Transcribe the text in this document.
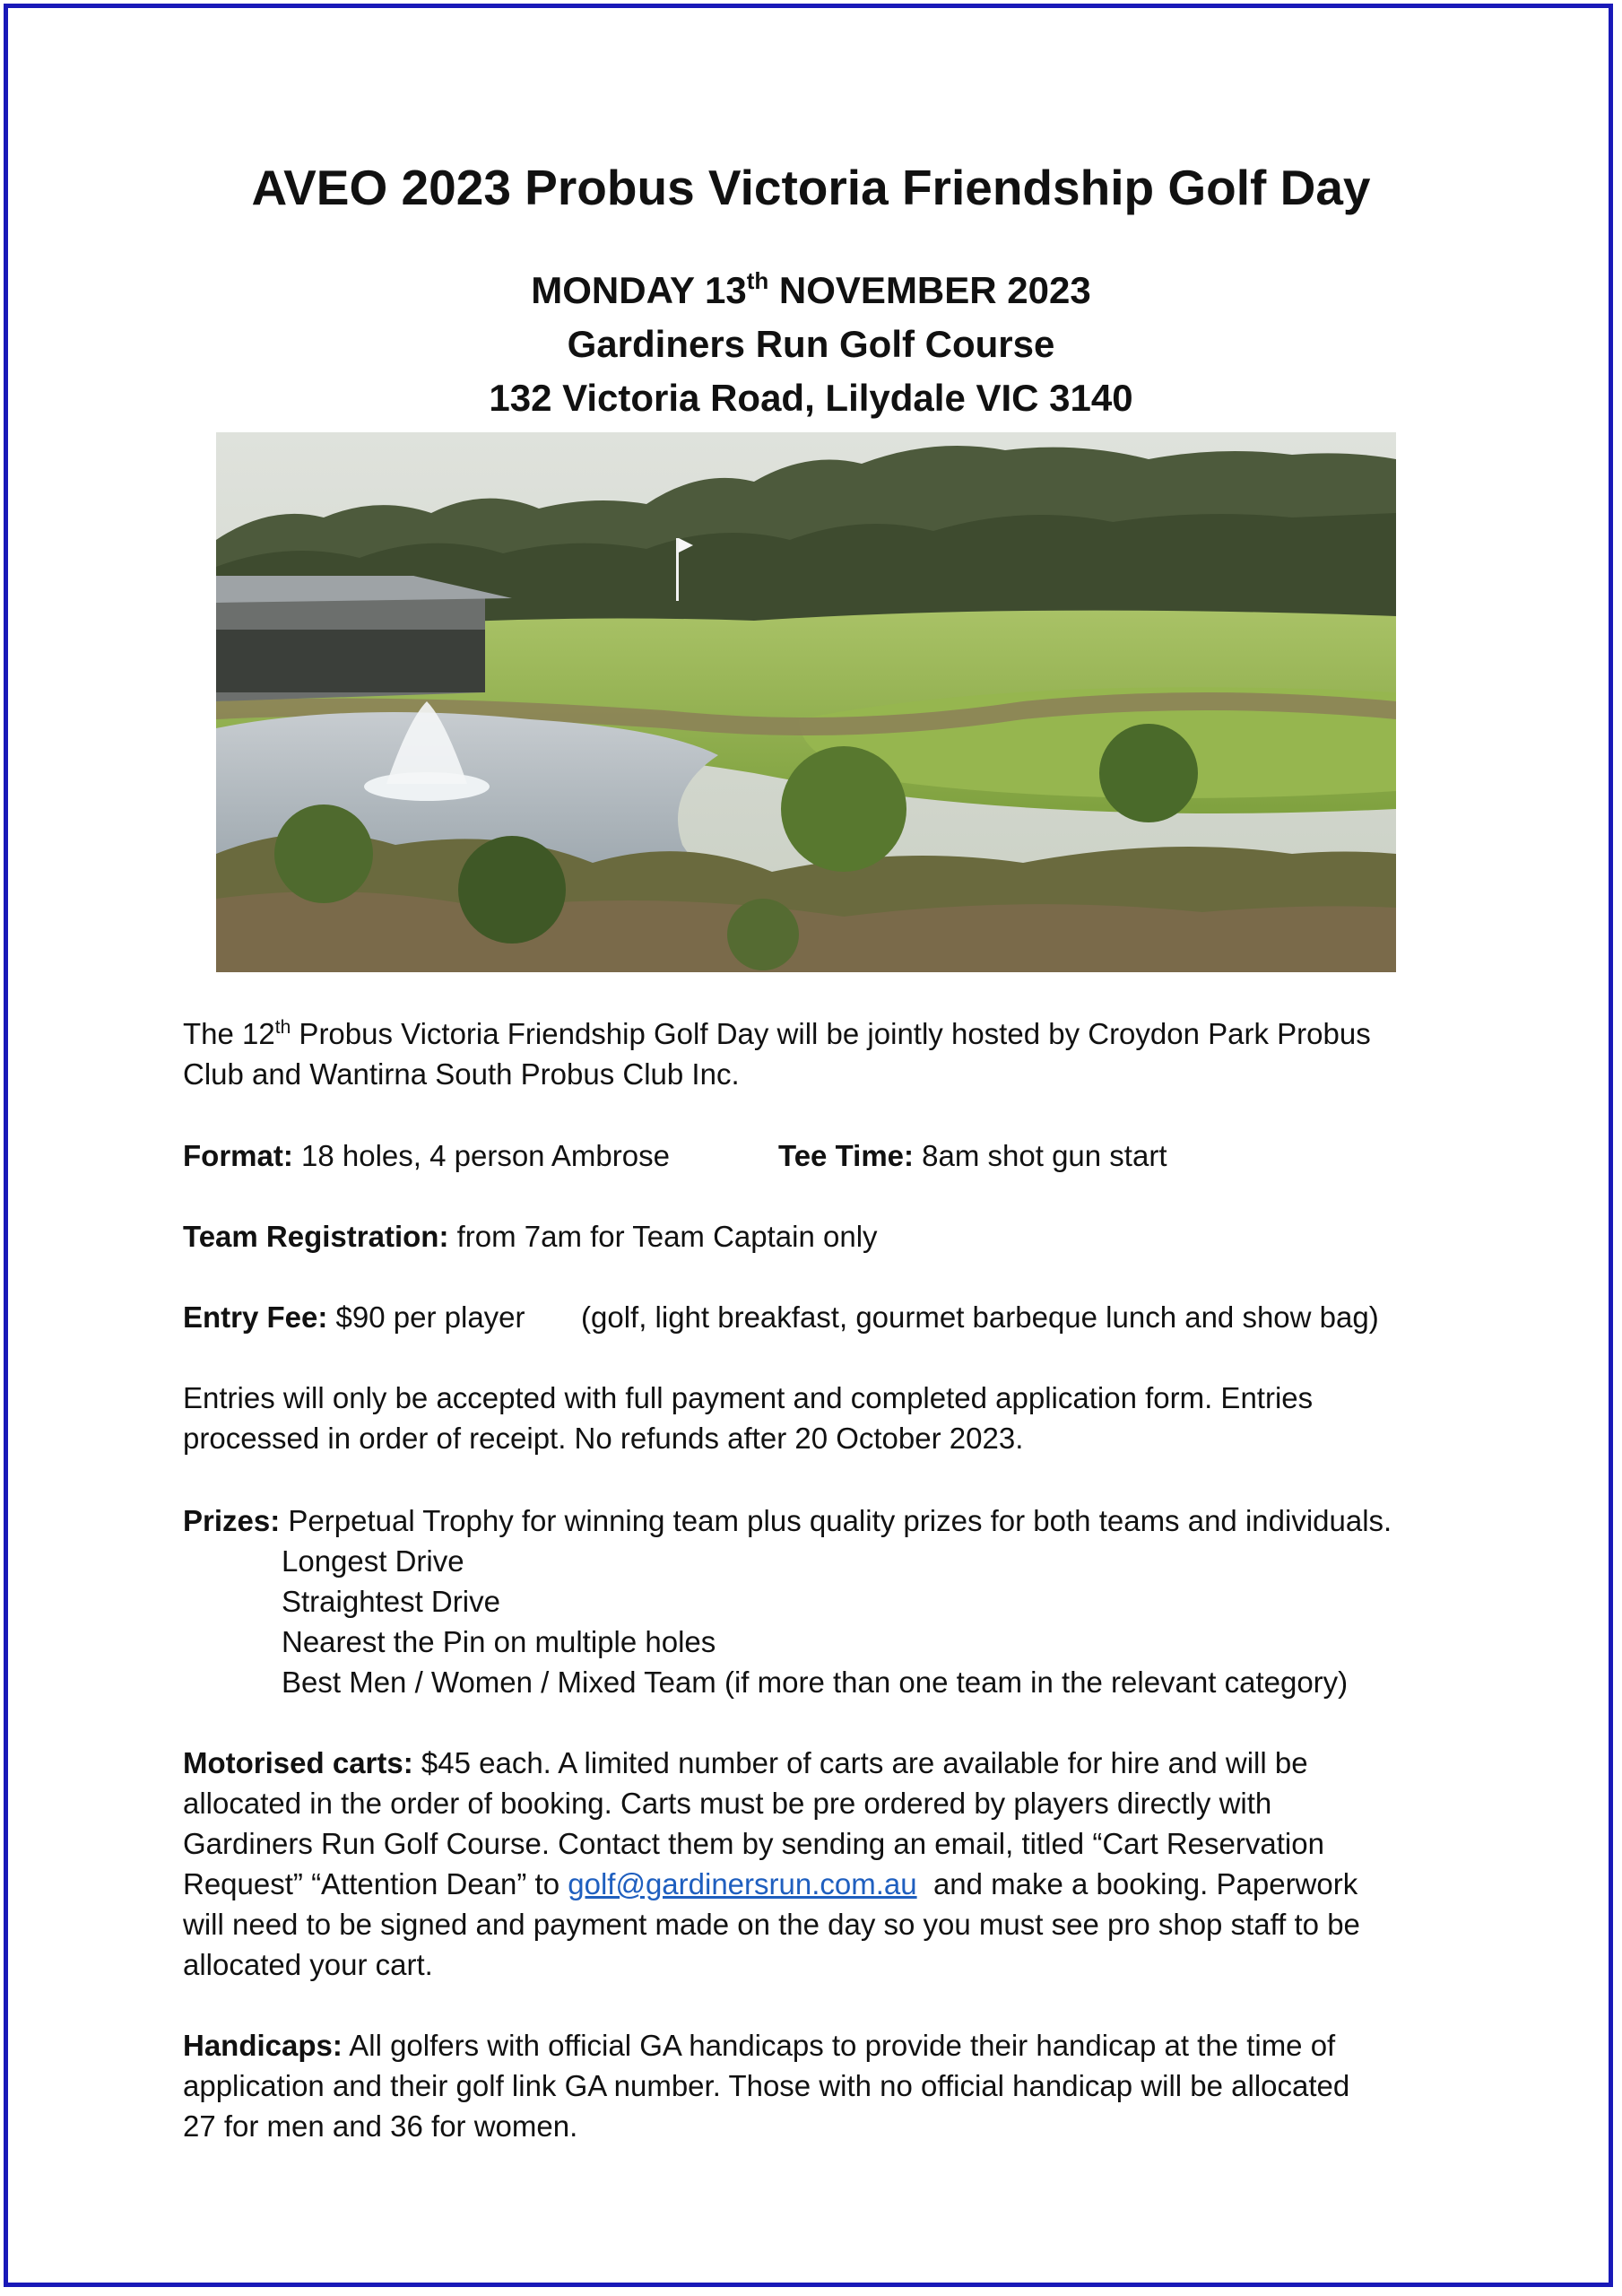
AVEO 2023 Probus Victoria Friendship Golf Day

MONDAY 13th NOVEMBER 2023

Gardiners Run Golf Course

132 Victoria Road, Lilydale VIC 3140

The 12th Probus Victoria Friendship Golf Day will be jointly hosted by Croydon Park Probus
Club and Wantirna South Probus Club Inc.

Format: 18 holes, 4 person Ambrose	Tee Time: 8am shot gun start

Team Registration: from 7am for Team Captain only

Entry Fee: $90 per player	(golf, light breakfast, gourmet barbeque lunch and show bag)

Entries will only be accepted with full payment and completed application form. Entries
processed in order of receipt. No refunds after 20 October 2023.

Prizes: Perpetual Trophy for winning team plus quality prizes for both teams and individuals.

Longest Drive
Straightest Drive
Nearest the Pin on multiple holes
Best Men / Women / Mixed Team (if more than one team in the relevant category)

Motorised carts: $45 each. A limited number of carts are available for hire and will be
allocated in the order of booking. Carts must be pre ordered by players directly with
Gardiners Run Golf Course. Contact them by sending an email, titled “Cart Reservation
Request” “Attention Dean” to golf@gardinersrun.com.au  and make a booking. Paperwork
will need to be signed and payment made on the day so you must see pro shop staff to be
allocated your cart.

Handicaps: All golfers with official GA handicaps to provide their handicap at the time of
application and their golf link GA number. Those with no official handicap will be allocated
27 for men and 36 for women.
